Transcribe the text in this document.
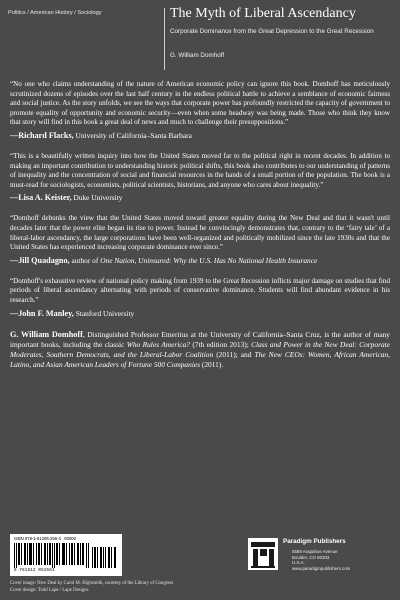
Politics / American History / Sociology	The Myth of Liberal Ascendancy
Corporate Dominance from the Great Depression to the Great Recession
G. William Domhoff

“No one who claims understanding of the nature of American economic policy can ignore this book. Domhoff has meticulously scrutinized dozens of episodes over the last half century in the endless political battle to achieve a semblance of economic fairness and social justice. As the story unfolds, we see the ways that corporate power has profoundly restricted the capacity of government to promote equality of opportunity and economic security—even when some headway was being made. Those who think they know that story will find in this book a great deal of news and much to challenge their presuppositions.”

—Richard Flacks, University of California–Santa Barbara

“This is a beautifully written inquiry into how the United States moved far to the political right in recent decades. In addition to making an important contribution to understanding historic political shifts, this book also contributes to our understanding of patterns of inequality and the concentration of social and financial resources in the hands of a small portion of the population. The book is a must-read for sociologists, economists, political scientists, historians, and anyone who cares about inequality.”

—Lisa A. Keister, Duke University

“Domhoff debunks the view that the United States moved toward greater equality during the New Deal and that it wasn't until decades later that the power elite began its rise to power. Instead he convincingly demonstrates that, contrary to the ‘fairy tale’ of a liberal-labor ascendancy, the large corporations have been well-organized and politically mobilized since the late 1930s and that the United States has experienced increasing corporate dominance ever since.”

—Jill Quadagno, author of One Nation, Uninsured: Why the U.S. Has No National Health Insurance

“Domhoff's exhaustive review of national policy making from 1939 to the Great Recession inflicts major damage on studies that find periods of liberal ascendancy alternating with periods of conservative dominance. Students will find abundant evidence in his research.”

—John F. Manley, Stanford University

G. William Domhoff, Distinguished Professor Emeritus at the University of California–Santa Cruz, is the author of many important books, including the classic Who Rules America? (7th edition 2013); Class and Power in the New Deal: Corporate Moderates, Southern Democrats, and the Liberal-Labor Coalition (2011); and The New CEOs: Women, African American, Latino, and Asian American Leaders of Fortune 500 Companies (2011).

ISBN 978-1-61205-256-4 90000
9 781612 052564
Cover image: New Deal by Carol M. Highsmith, courtesy of the Library of Congress
Cover design: Todd Lape / Lape Designs
Paradigm Publishers
5589 Arapahoe Avenue
Boulder, CO 80303
U.S.A.
www.paradigmpublishers.com
